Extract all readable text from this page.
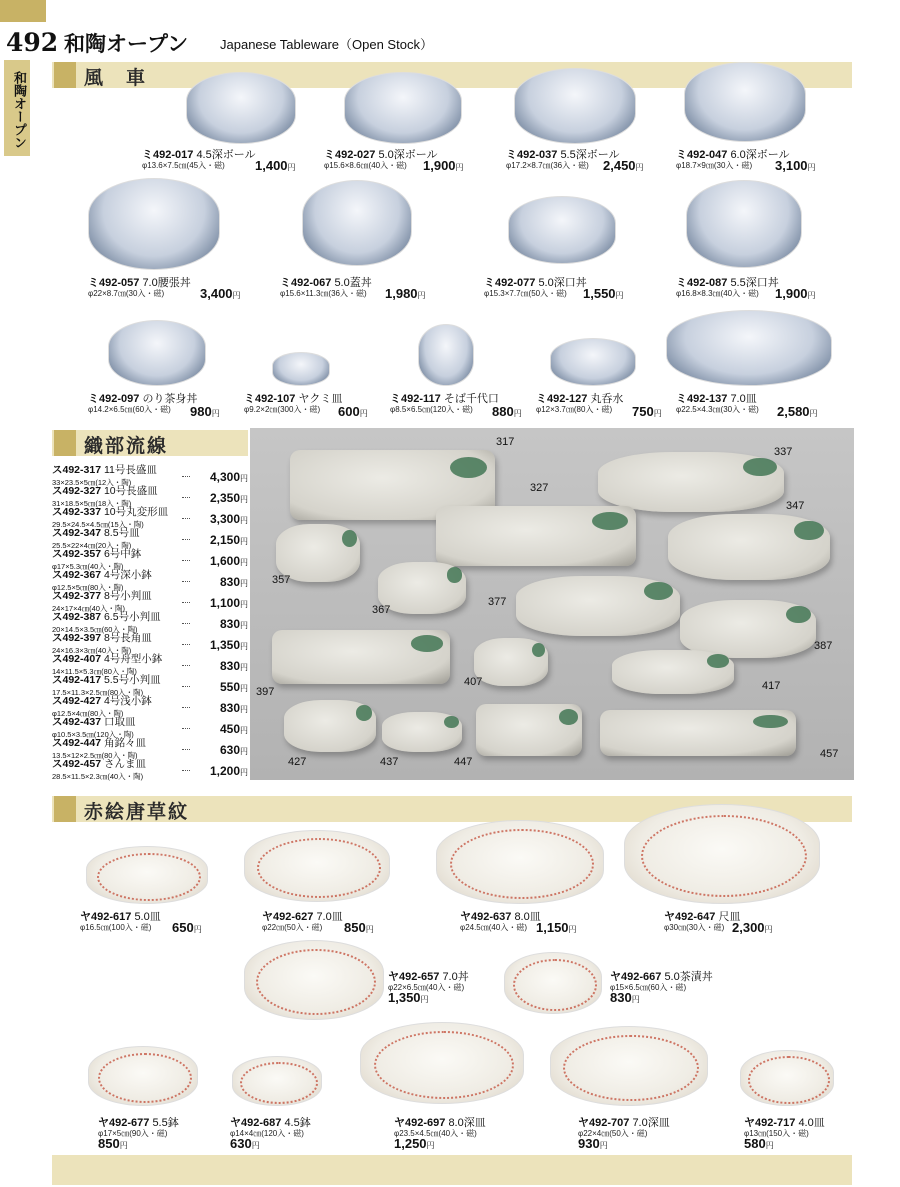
492 和陶オープン Japanese Tableware（Open Stock）
和陶オープン	風　車
ミ492-017 4.5深ボール
φ13.6×7.5㎝(45入・磁) 1,400円
ミ492-027 5.0深ボール
φ15.6×8.6㎝(40入・磁) 1,900円
ミ492-037 5.5深ボール
φ17.2×8.7㎝(36入・磁) 2,450円
ミ492-047 6.0深ボール
φ18.7×9㎝(30入・磁) 3,100円
ミ492-057 7.0腰張丼
φ22×8.7㎝(30入・磁)	3,400円
ミ492-067 5.0蓋丼
φ15.6×11.3㎝(36入・磁) 1,980円
ミ492-077 5.0深口丼
φ15.3×7.7㎝(50入・磁) 1,550円
ミ492-087 5.5深口丼
φ16.8×8.3㎝(40入・磁) 1,900円
ミ492-097 のり茶身丼
φ14.2×6.5㎝(60入・磁) 980円
ミ492-107 ヤクミ皿
φ9.2×2㎝(300入・磁) 600円
ミ492-117 そば千代口
φ8.5×6.5㎝(120入・磁) 880円
ミ492-127 丸呑水
φ12×3.7㎝(80入・磁) 750円
ミ492-137 7.0皿
φ22.5×4.3㎝(30入・磁) 2,580円
織部流線
ス492-317 11号長盛皿
33×23.5×5㎝(12入・陶)	4,300円
ス492-327 10号長盛皿
31×18.5×5㎝(18入・陶)	2,350円
ス492-337 10号丸変形皿
29.5×24.5×4.5㎝(15入・陶)	3,300円
ス492-347 8.5号皿
25.5×22×4㎝(20入・陶)	2,150円
ス492-357 6号中鉢
φ17×5.3㎝(40入・陶)	1,600円
ス492-367 4号深小鉢
φ12.5×5㎝(80入・陶)	830円
ス492-377 8号小判皿
24×17×4㎝(40入・陶)	1,100円
ス492-387 6.5号小判皿
20×14.5×3.5㎝(60入・陶)	830円
ス492-397 8号長角皿
24×16.3×3㎝(40入・陶)	1,350円
ス492-407 4号舟型小鉢
14×11.5×5.3㎝(80入・陶)	830円
ス492-417 5.5号小判皿
17.5×11.3×2.5㎝(80入・陶)	550円
ス492-427 4号浅小鉢
φ12.5×4㎝(80入・陶)	830円
ス492-437 口取皿
φ10.5×3.5㎝(120入・陶)	450円
ス492-447 角銘々皿
13.5×12×2.5㎝(80入・陶)	630円
ス492-457 さんま皿
28.5×11.5×2.3㎝(40入・陶)	1,200円
317
327
337
347
357
367
377
387
397
407	417
427	437	447
457
赤絵唐草紋
ヤ492-617 5.0皿
φ16.5㎝(100入・磁) 650円
ヤ492-627 7.0皿
φ22㎝(50入・磁) 850円
ヤ492-637 8.0皿
φ24.5㎝(40入・磁) 1,150円
ヤ492-647 尺皿
φ30㎝(30入・磁) 2,300円
ヤ492-657 7.0丼
φ22×6.5㎝(40入・磁)
1,350円
ヤ492-667 5.0茶漬丼
φ15×6.5㎝(60入・磁)
830円
ヤ492-677 5.5鉢
φ17×5㎝(90入・磁)
850円
ヤ492-687 4.5鉢
φ14×4㎝(120入・磁)
630円
ヤ492-697 8.0深皿
φ23.5×4.5㎝(40入・磁)
1,250円
ヤ492-707 7.0深皿
φ22×4㎝(50入・磁)
930円
ヤ492-717 4.0皿
φ13㎝(150入・磁)
580円
